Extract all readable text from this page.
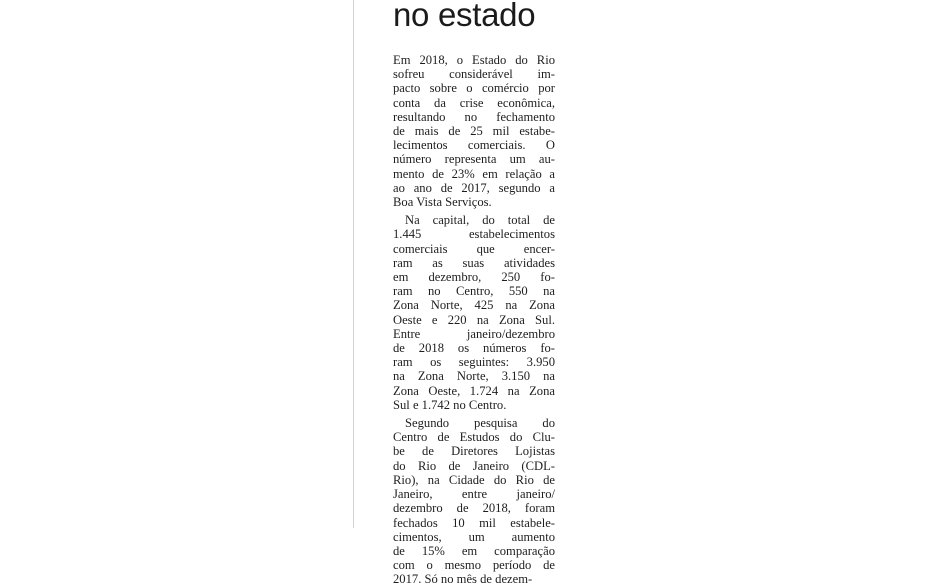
no estado
Em 2018, o Estado do Rio
sofreu considerável im-
pacto sobre o comércio por
conta da crise econômica,
resultando no fechamento
de mais de 25 mil estabe-
lecimentos comerciais. O
número representa um au-
mento de 23% em relação a
ao ano de 2017, segundo a
Boa Vista Serviços.
Na capital, do total de
1.445 estabelecimentos
comerciais que encer-
ram as suas atividades
em dezembro, 250 fo-
ram no Centro, 550 na
Zona Norte, 425 na Zona
Oeste e 220 na Zona Sul.
Entre janeiro/dezembro
de 2018 os números fo-
ram os seguintes: 3.950
na Zona Norte, 3.150 na
Zona Oeste, 1.724 na Zona
Sul e 1.742 no Centro.
Segundo pesquisa do
Centro de Estudos do Clu-
be de Diretores Lojistas
do Rio de Janeiro (CDL-
Rio), na Cidade do Rio de
Janeiro, entre janeiro/
dezembro de 2018, foram
fechados 10 mil estabele-
cimentos, um aumento
de 15% em comparação
com o mesmo período de
2017. Só no mês de dezem-
